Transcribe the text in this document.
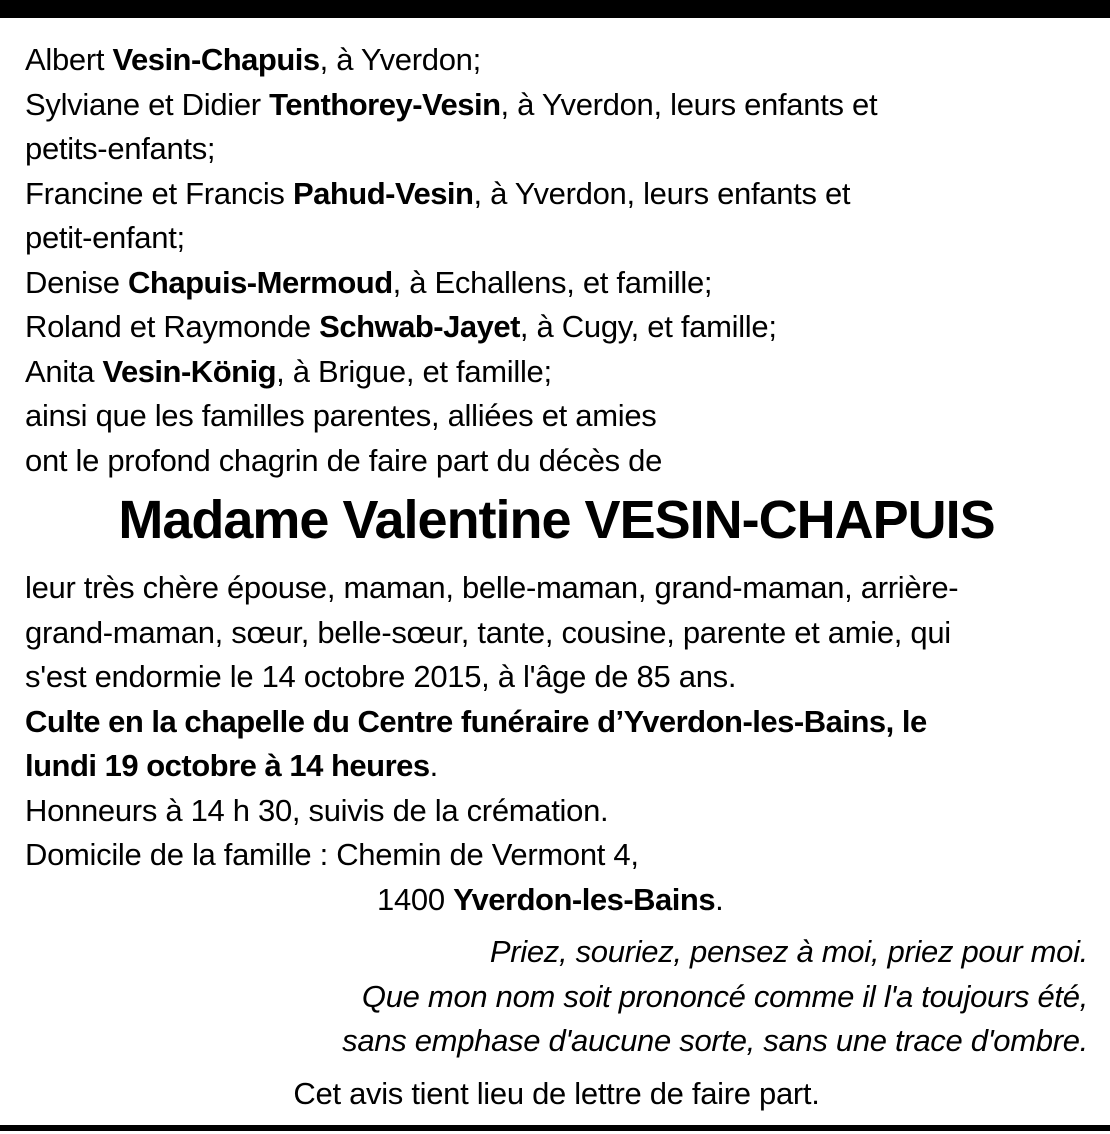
Albert Vesin-Chapuis, à Yverdon;
Sylviane et Didier Tenthorey-Vesin, à Yverdon, leurs enfants et
petits-enfants;
Francine et Francis Pahud-Vesin, à Yverdon, leurs enfants et
petit-enfant;
Denise Chapuis-Mermoud, à Echallens, et famille;
Roland et Raymonde Schwab-Jayet, à Cugy, et famille;
Anita Vesin-König, à Brigue, et famille;
ainsi que les familles parentes, alliées et amies
ont le profond chagrin de faire part du décès de
Madame Valentine VESIN-CHAPUIS
leur très chère épouse, maman, belle-maman, grand-maman, arrière-
grand-maman, sœur, belle-sœur, tante, cousine, parente et amie, qui
s'est endormie le 14 octobre 2015, à l'âge de 85 ans.
Culte en la chapelle du Centre funéraire d’Yverdon-les-Bains, le
lundi 19 octobre à 14 heures.
Honneurs à 14 h 30, suivis de la crémation.
Domicile de la famille : Chemin de Vermont 4,
1400 Yverdon-les-Bains.
Priez, souriez, pensez à moi, priez pour moi.
Que mon nom soit prononcé comme il l'a toujours été,
sans emphase d'aucune sorte, sans une trace d'ombre.
Cet avis tient lieu de lettre de faire part.
